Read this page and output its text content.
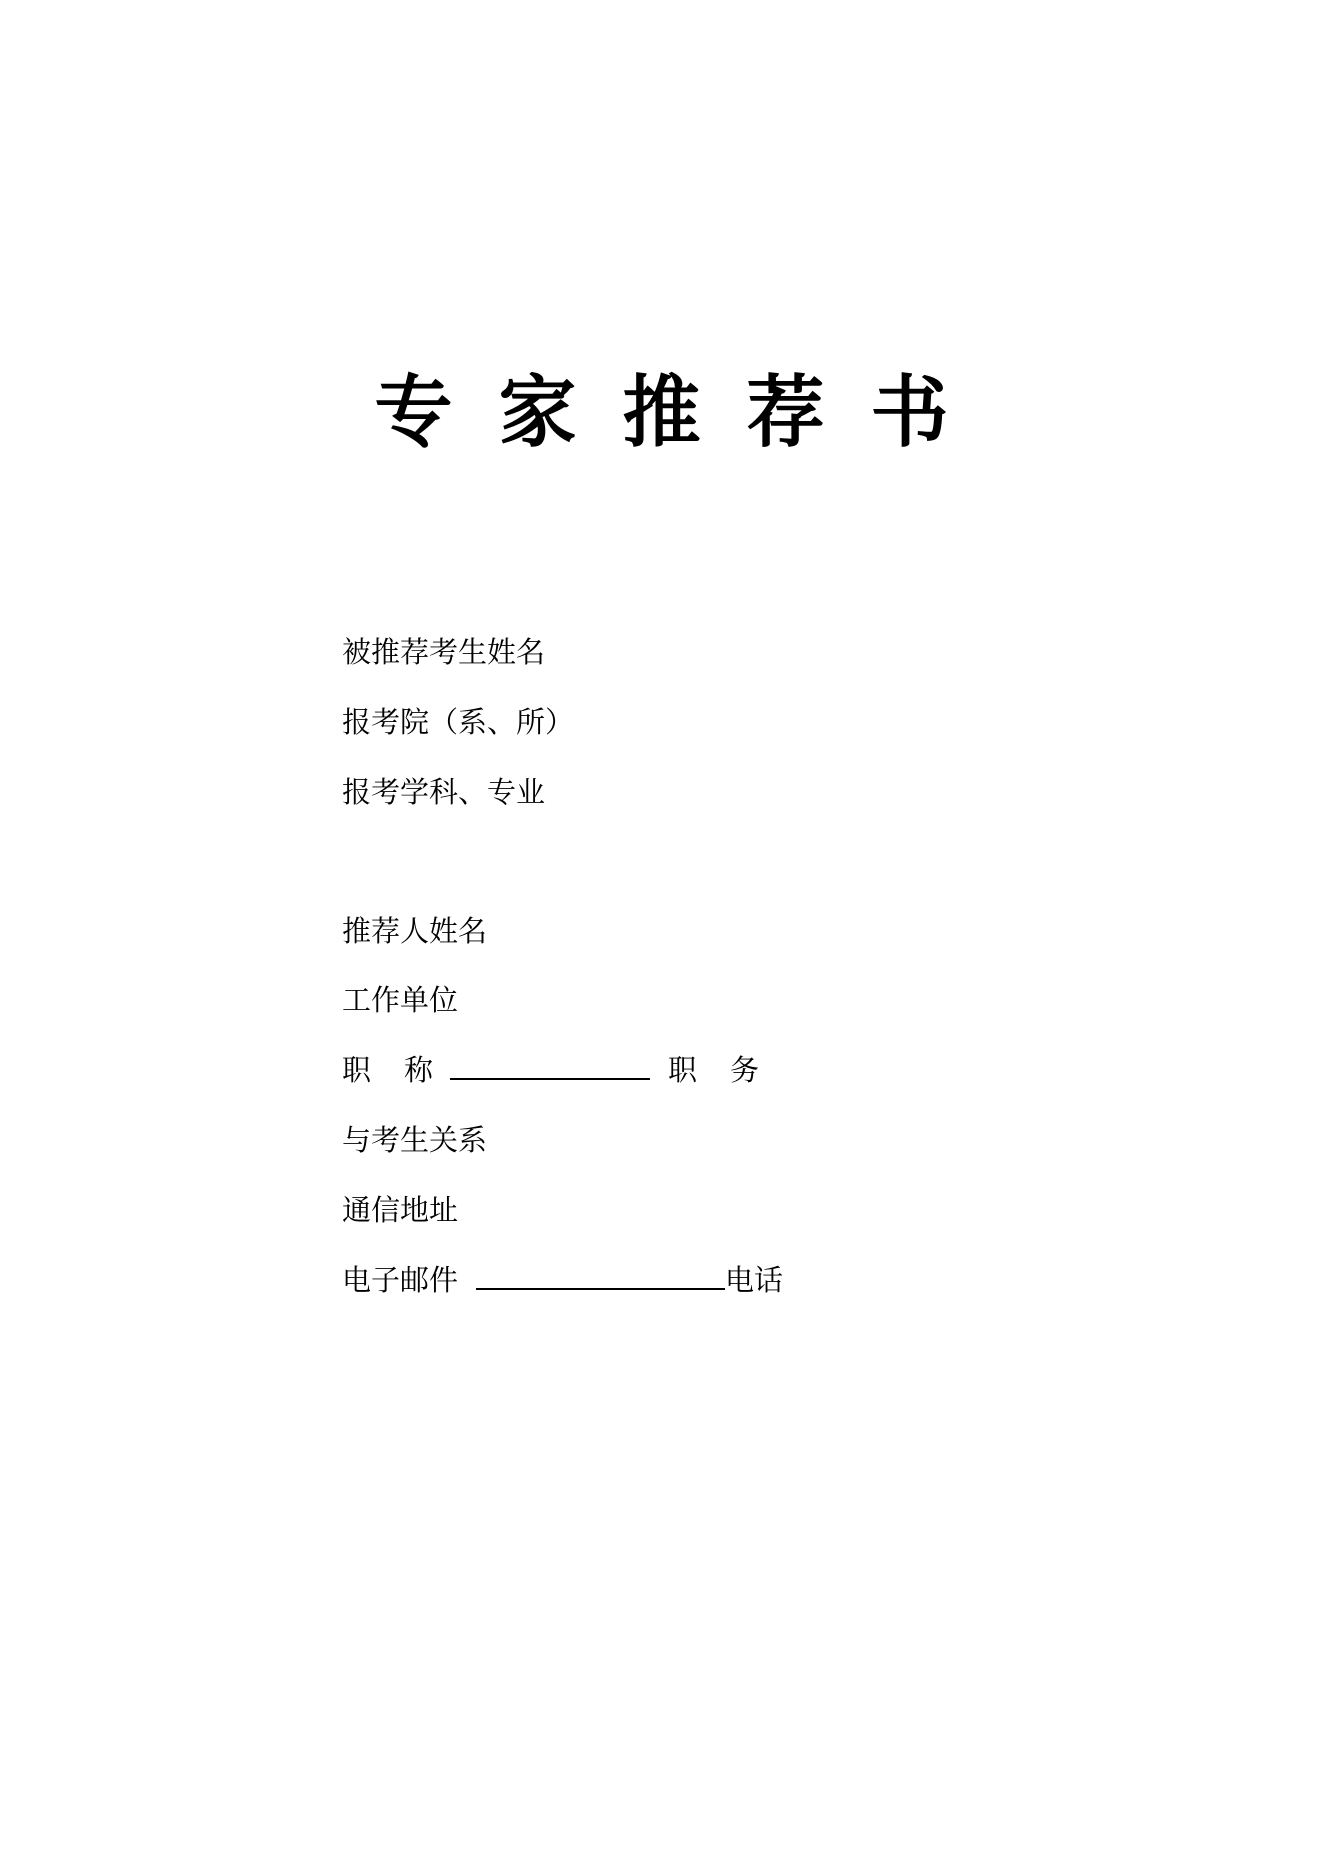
专家推荐书
被推荐考生姓名
报考院（系、所）
报考学科、专业
推荐人姓名
工作单位
职 称	职 务
与考生关系
通信地址
电子邮件	电话
